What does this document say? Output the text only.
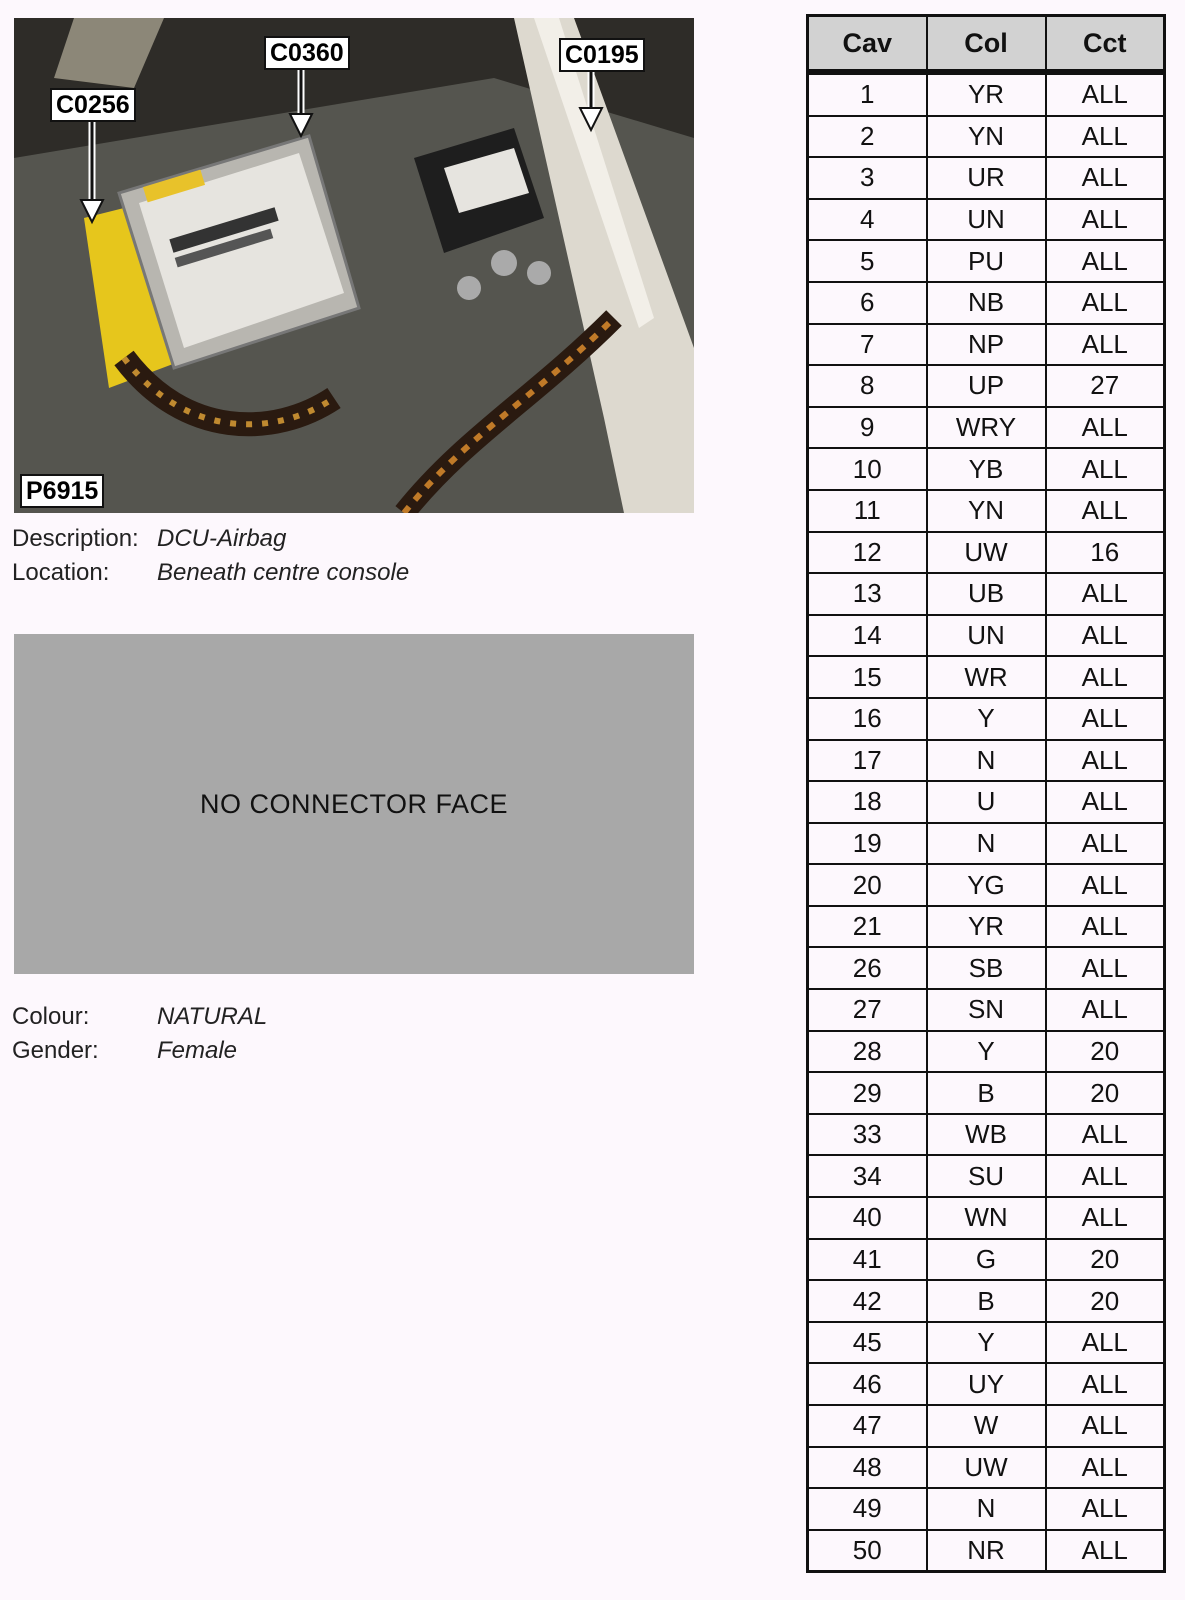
C0360	C0195
C0256
P6915
Description: DCU-Airbag
Location: Beneath centre console
NO CONNECTOR FACE
Colour:	NATURAL
Gender: Female
Cav	Col	Cct
1	YR	ALL
2	YN	ALL
3	UR	ALL
4	UN	ALL
5	PU	ALL
6	NB	ALL
7	NP	ALL
8	UP	27
9	WRY	ALL
10	YB	ALL
11	YN	ALL
12	UW	16
13	UB	ALL
14	UN	ALL
15	WR	ALL
16	Y	ALL
17	N	ALL
18	U	ALL
19	N	ALL
20	YG	ALL
21	YR	ALL
26	SB	ALL
27	SN	ALL
28	Y	20
29	B	20
33	WB	ALL
34	SU	ALL
40	WN	ALL
41	G	20
42	B	20
45	Y	ALL
46	UY	ALL
47	W	ALL
48	UW	ALL
49	N	ALL
50	NR	ALL
